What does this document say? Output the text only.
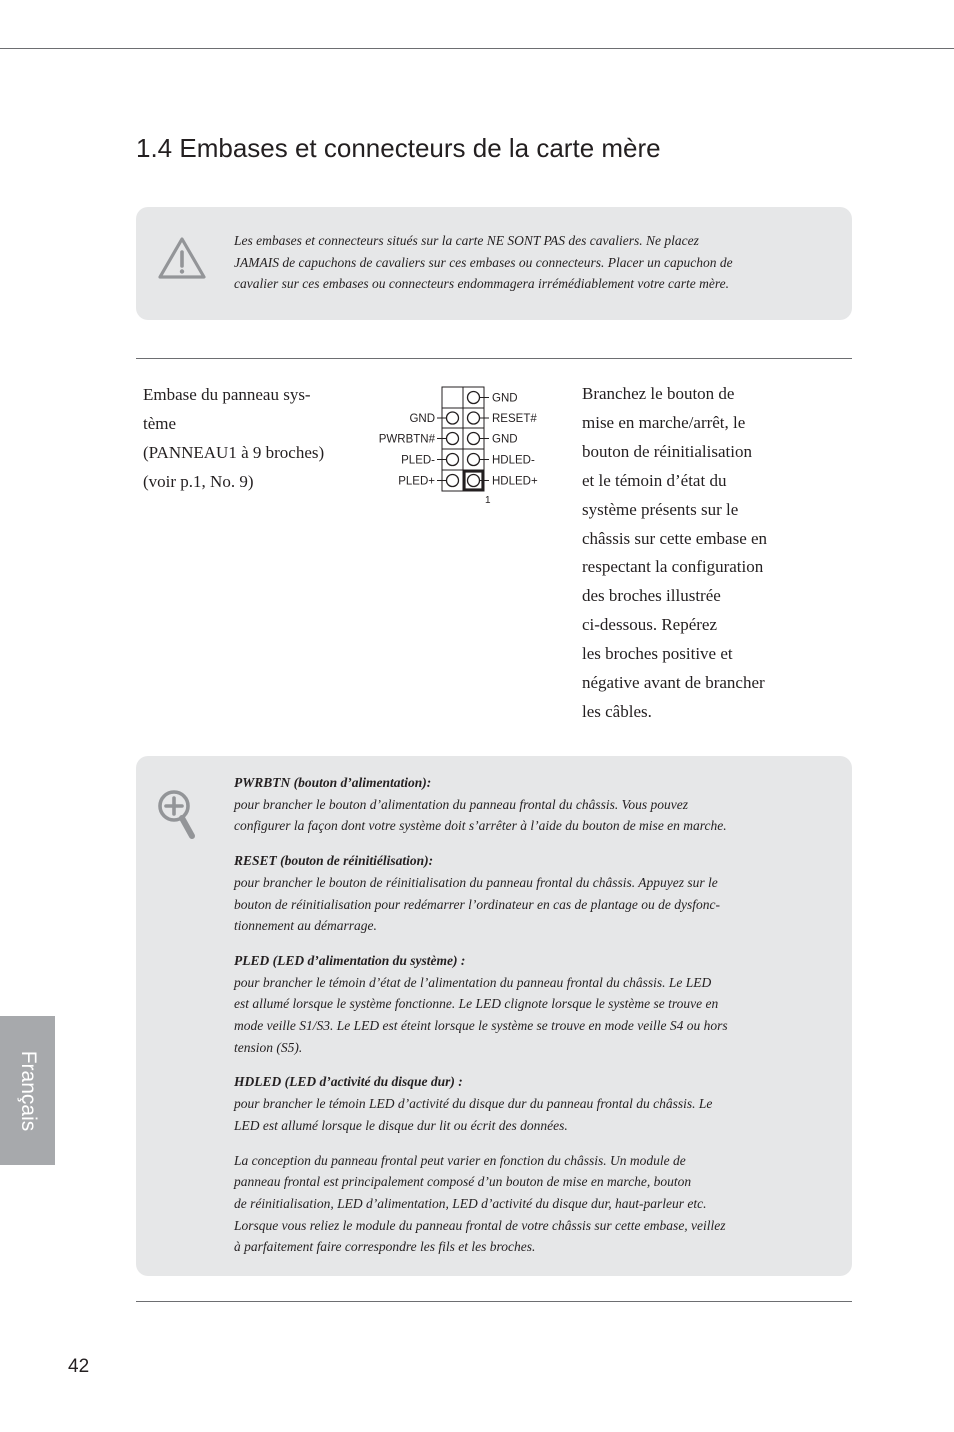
1.4 Embases et connecteurs de la carte mère
Les embases et connecteurs situés sur la carte NE SONT PAS des cavaliers. Ne placez
JAMAIS de capuchons de cavaliers sur ces embases ou connecteurs. Placer un capuchon de
cavalier sur ces embases ou connecteurs endommagera irrémédiablement votre carte mère.
Embase du panneau sys-
tème
(PANNEAU1 à 9 broches)
(voir p.1, No. 9)
GND
PWRBTN#
PLED-
PLED+
GND
RESET#
GND
HDLED-
HDLED+
1
Branchez le bouton de
mise en marche/arrêt, le
bouton de réinitialisation
et le témoin d’état du
système présents sur le
châssis sur cette embase en
respectant la configuration
des broches illustrée
ci-dessous. Repérez
les broches positive et
négative avant de brancher
les câbles.
PWRBTN (bouton d’alimentation):
pour brancher le bouton d’alimentation du panneau frontal du châssis. Vous pouvez
configurer la façon dont votre système doit s’arrêter à l’aide du bouton de mise en marche.
RESET (bouton de réinitiélisation):
pour brancher le bouton de réinitialisation du panneau frontal du châssis. Appuyez sur le
bouton de réinitialisation pour redémarrer l’ordinateur en cas de plantage ou de dysfonc-
tionnement au démarrage.
PLED (LED d’alimentation du système) :
pour brancher le témoin d’état de l’alimentation du panneau frontal du châssis. Le LED
est allumé lorsque le système fonctionne. Le LED clignote lorsque le système se trouve en
mode veille S1/S3. Le LED est éteint lorsque le système se trouve en mode veille S4 ou hors
tension (S5).
HDLED (LED d’activité du disque dur) :
pour brancher le témoin LED d’activité du disque dur du panneau frontal du châssis. Le
LED est allumé lorsque le disque dur lit ou écrit des données.
La conception du panneau frontal peut varier en fonction du châssis. Un module de
panneau frontal est principalement composé d’un bouton de mise en marche, bouton
de réinitialisation, LED d’alimentation, LED d’activité du disque dur, haut-parleur etc.
Lorsque vous reliez le module du panneau frontal de votre châssis sur cette embase, veillez
à parfaitement faire correspondre les fils et les broches.
Français
42
